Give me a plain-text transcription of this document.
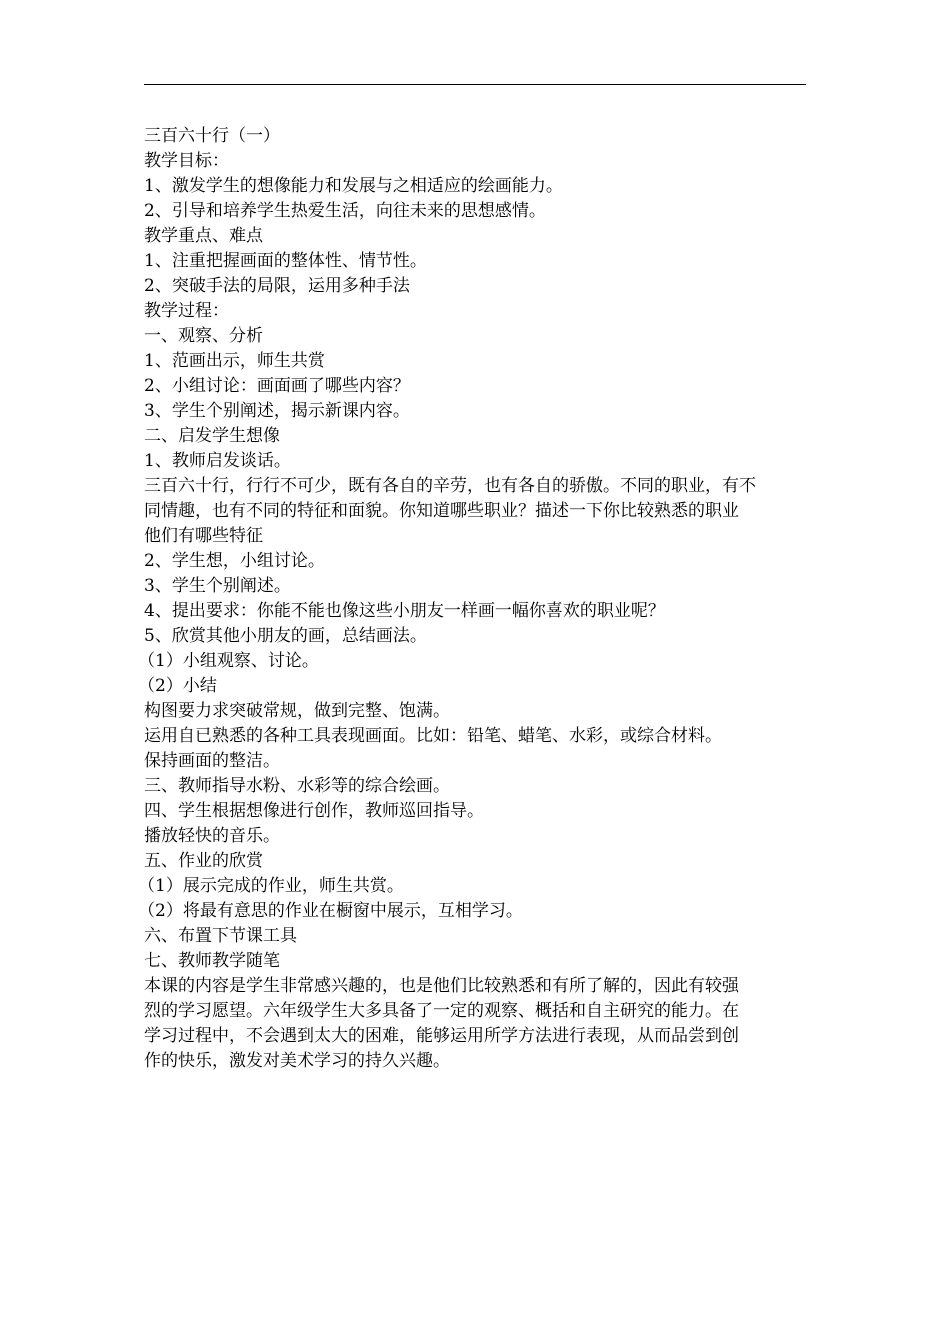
三百六十行（一）
教学目标：
1、激发学生的想像能力和发展与之相适应的绘画能力。
2、引导和培养学生热爱生活，向往未来的思想感情。
教学重点、难点
1、注重把握画面的整体性、情节性。
2、突破手法的局限，运用多种手法
教学过程：
一、观察、分析
1、范画出示，师生共赏
2、小组讨论：画面画了哪些内容？
3、学生个别阐述，揭示新课内容。
二、启发学生想像
1、教师启发谈话。
三百六十行，行行不可少，既有各自的辛劳，也有各自的骄傲。不同的职业，有不
同情趣，也有不同的特征和面貌。你知道哪些职业？描述一下你比较熟悉的职业
他们有哪些特征
2、学生想，小组讨论。
3、学生个别阐述。
4、提出要求：你能不能也像这些小朋友一样画一幅你喜欢的职业呢？
5、欣赏其他小朋友的画，总结画法。
（1）小组观察、讨论。
（2）小结
构图要力求突破常规，做到完整、饱满。
运用自已熟悉的各种工具表现画面。比如：铅笔、蜡笔、水彩，或综合材料。
保持画面的整洁。
三、教师指导水粉、水彩等的综合绘画。
四、学生根据想像进行创作，教师巡回指导。
播放轻快的音乐。
五、作业的欣赏
（1）展示完成的作业，师生共赏。
（2）将最有意思的作业在橱窗中展示，互相学习。
六、布置下节课工具
七、教师教学随笔
本课的内容是学生非常感兴趣的，也是他们比较熟悉和有所了解的，因此有较强
烈的学习愿望。六年级学生大多具备了一定的观察、概括和自主研究的能力。在
学习过程中，不会遇到太大的困难，能够运用所学方法进行表现，从而品尝到创
作的快乐，激发对美术学习的持久兴趣。
